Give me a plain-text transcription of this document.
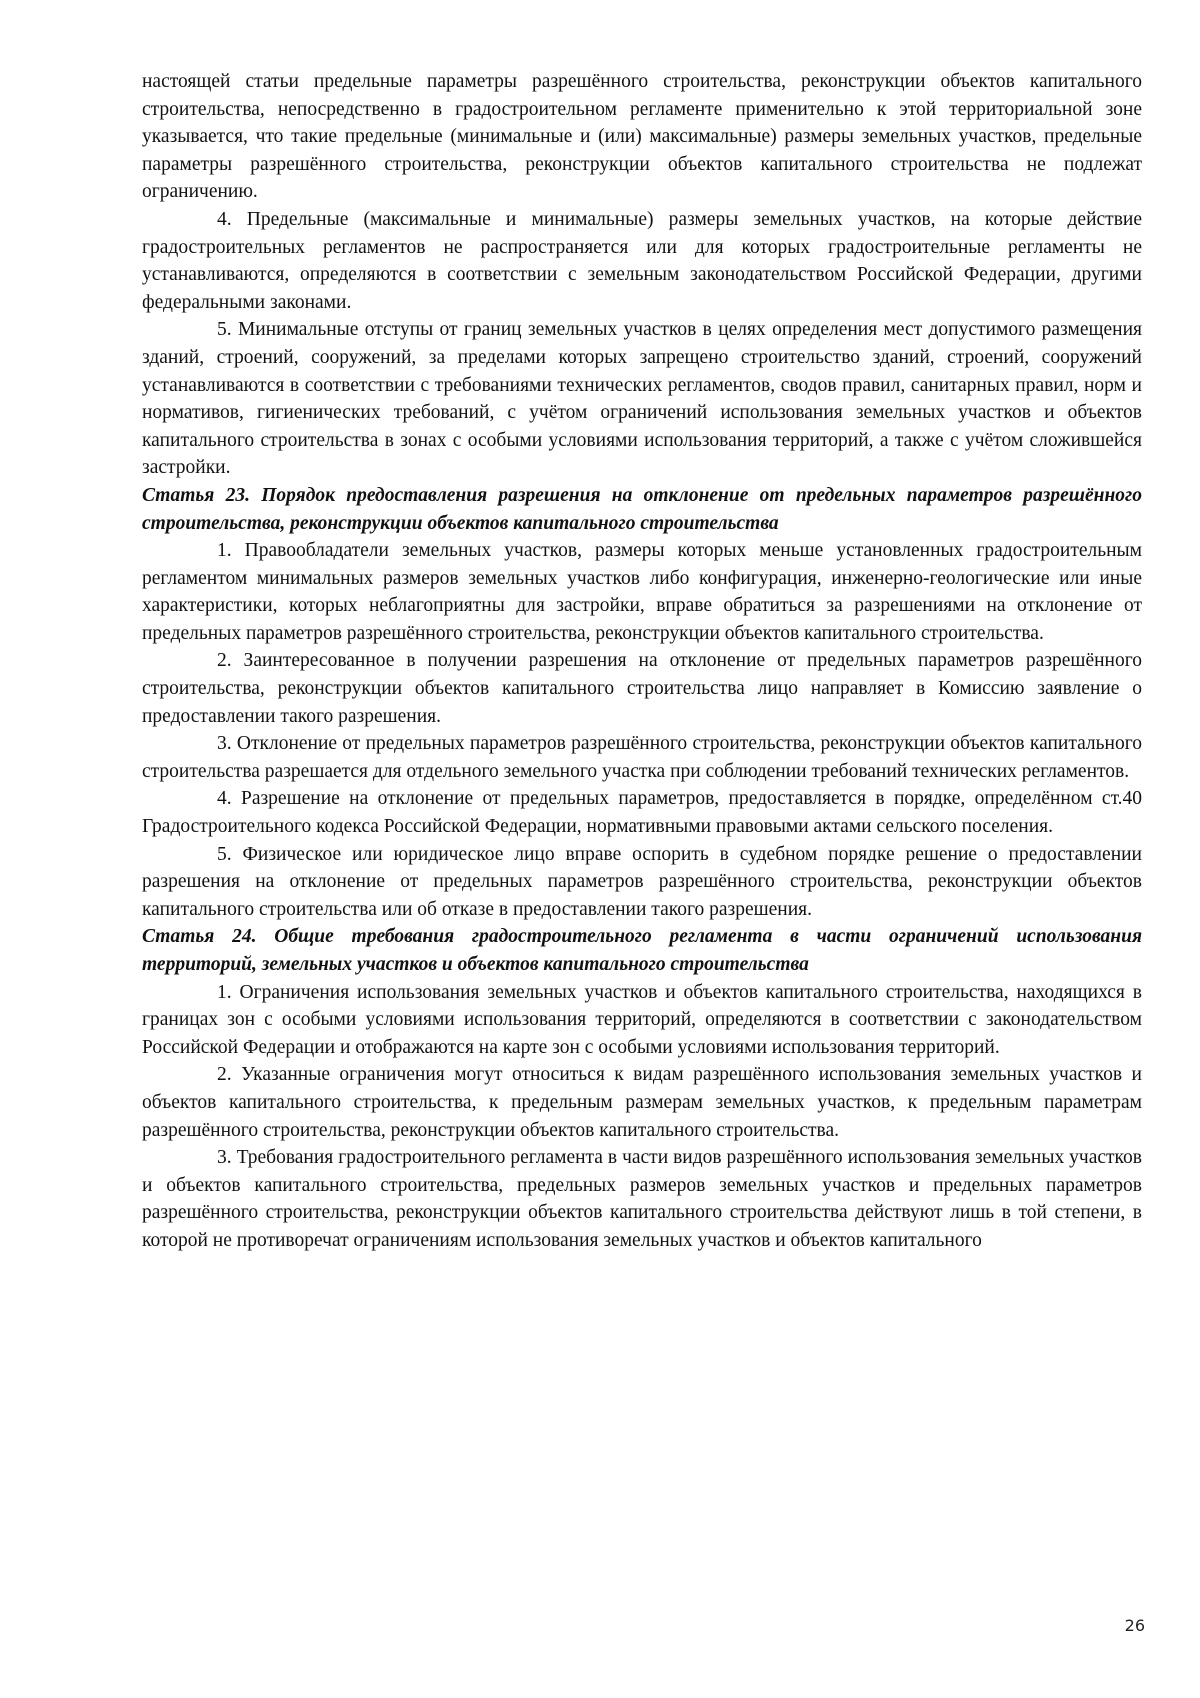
настоящей статьи предельные параметры разрешённого строительства, реконструкции объектов капитального строительства, непосредственно в градостроительном регламенте применительно к этой территориальной зоне указывается, что такие предельные (минимальные и (или) максимальные) размеры земельных участков, предельные параметры разрешённого строительства, реконструкции объектов капитального строительства не подлежат ограничению.

4. Предельные (максимальные и минимальные) размеры земельных участков, на которые действие градостроительных регламентов не распространяется или для которых градостроительные регламенты не устанавливаются, определяются в соответствии с земельным законодательством Российской Федерации, другими федеральными законами.

5. Минимальные отступы от границ земельных участков в целях определения мест допустимого размещения зданий, строений, сооружений, за пределами которых запрещено строительство зданий, строений, сооружений устанавливаются в соответствии с требованиями технических регламентов, сводов правил, санитарных правил, норм и нормативов, гигиенических требований, с учётом ограничений использования земельных участков и объектов капитального строительства в зонах с особыми условиями использования территорий, а также с учётом сложившейся застройки.

Статья 23. Порядок предоставления разрешения на отклонение от предельных параметров разрешённого строительства, реконструкции объектов капитального строительства

1. Правообладатели земельных участков, размеры которых меньше установленных градостроительным регламентом минимальных размеров земельных участков либо конфигурация, инженерно-геологические или иные характеристики, которых неблагоприятны для застройки, вправе обратиться за разрешениями на отклонение от предельных параметров разрешённого строительства, реконструкции объектов капитального строительства.

2. Заинтересованное в получении разрешения на отклонение от предельных параметров разрешённого строительства, реконструкции объектов капитального строительства лицо направляет в Комиссию заявление о предоставлении такого разрешения.

3. Отклонение от предельных параметров разрешённого строительства, реконструкции объектов капитального строительства разрешается для отдельного земельного участка при соблюдении требований технических регламентов.

4. Разрешение на отклонение от предельных параметров, предоставляется в порядке, определённом ст.40 Градостроительного кодекса Российской Федерации, нормативными правовыми актами сельского поселения.

5. Физическое или юридическое лицо вправе оспорить в судебном порядке решение о предоставлении разрешения на отклонение от предельных параметров разрешённого строительства, реконструкции объектов капитального строительства или об отказе в предоставлении такого разрешения.

Статья 24. Общие требования градостроительного регламента в части ограничений использования территорий, земельных участков и объектов капитального строительства

1. Ограничения использования земельных участков и объектов капитального строительства, находящихся в границах зон с особыми условиями использования территорий, определяются в соответствии с законодательством Российской Федерации и отображаются на карте зон с особыми условиями использования территорий.

2. Указанные ограничения могут относиться к видам разрешённого использования земельных участков и объектов капитального строительства, к предельным размерам земельных участков, к предельным параметрам разрешённого строительства, реконструкции объектов капитального строительства.

3. Требования градостроительного регламента в части видов разрешённого использования земельных участков и объектов капитального строительства, предельных размеров земельных участков и предельных параметров разрешённого строительства, реконструкции объектов капитального строительства действуют лишь в той степени, в которой не противоречат ограничениям использования земельных участков и объектов капитального

26
